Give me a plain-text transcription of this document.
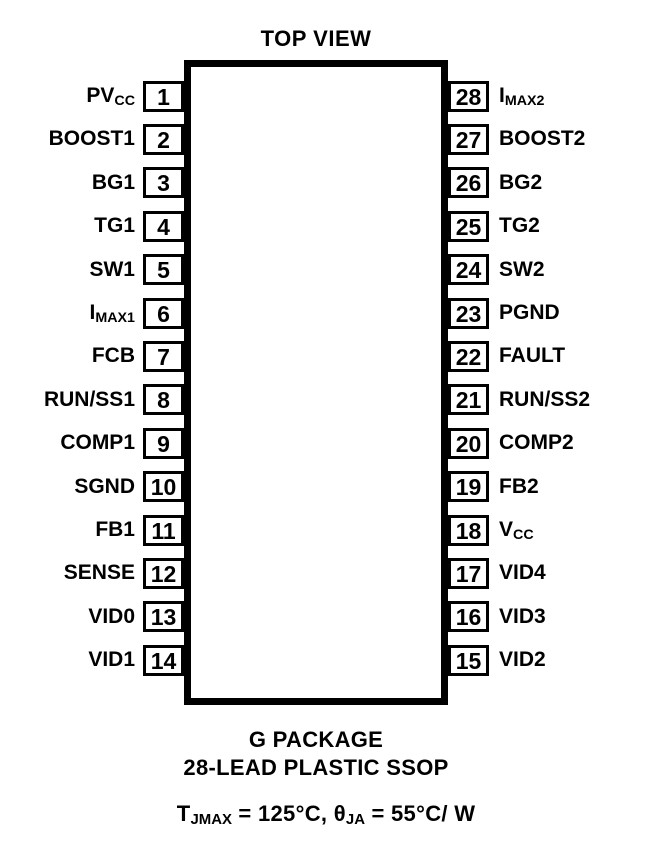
TOP VIEW
1
$PV_{CC}$
2
BOOST1
3
BG1
4
TG1
5
SW1
6
$I_{MAX1}$
7
FCB
8
RUN/SS1
9
COMP1
10
SGND
11
FB1
12
SENSE
13
VID0
14
VID1
28 $I_{MAX2}$
27 BOOST2
26 BG2
25 TG2
24 SW2
23 PGND
22 FAULT
21 RUN/SS2
20 COMP2
19 FB2
18 $V_{CC}$
17 VID4
16 VID3
15 VID2
G PACKAGE
28-LEAD PLASTIC SSOP
$T_{JMAX} = 125^\circ C$, $\theta_{JA} = 55^\circ C/$ W
